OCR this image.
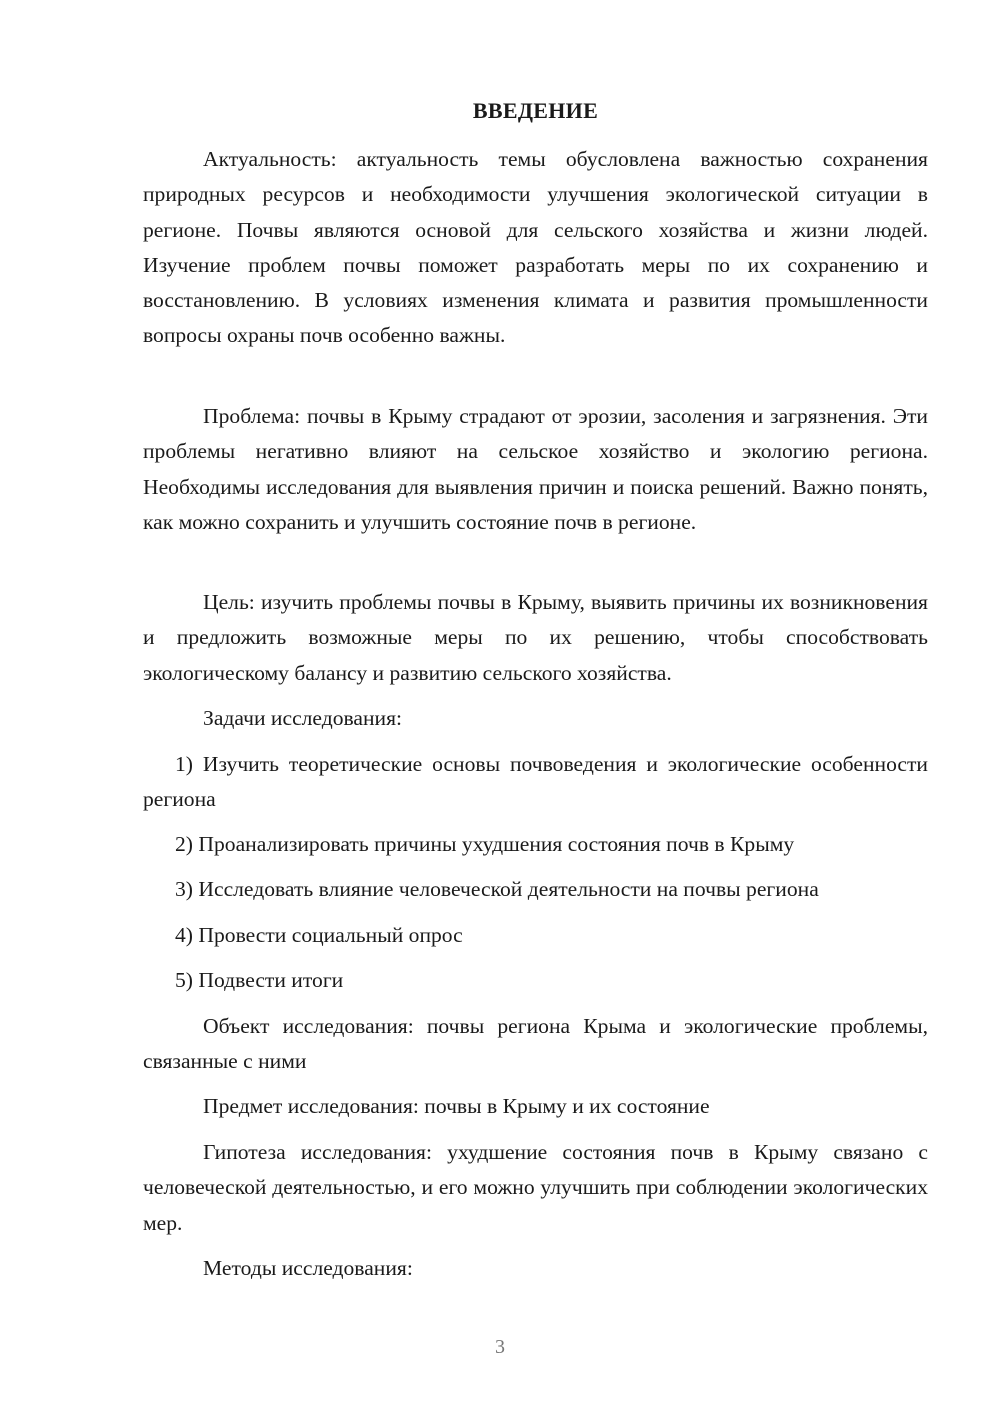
ВВЕДЕНИЕ

Актуальность: актуальность темы обусловлена важностью сохранения природных ресурсов и необходимости улучшения экологической ситуации в регионе. Почвы являются основой для сельского хозяйства и жизни людей. Изучение проблем почвы поможет разработать меры по их сохранению и восстановлению. В условиях изменения климата и развития промышленности вопросы охраны почв особенно важны.

Проблема: почвы в Крыму страдают от эрозии, засоления и загрязнения. Эти проблемы негативно влияют на сельское хозяйство и экологию региона. Необходимы исследования для выявления причин и поиска решений. Важно понять, как можно сохранить и улучшить состояние почв в регионе.

Цель: изучить проблемы почвы в Крыму, выявить причины их возникновения и предложить возможные меры по их решению, чтобы способствовать экологическому балансу и развитию сельского хозяйства.

Задачи исследования:

1) Изучить теоретические основы почвоведения и экологические особенности региона

2) Проанализировать причины ухудшения состояния почв в Крыму

3) Исследовать влияние человеческой деятельности на почвы региона

4) Провести социальный опрос

5) Подвести итоги

Объект исследования: почвы региона Крыма и экологические проблемы, связанные с ними

Предмет исследования: почвы в Крыму и их состояние

Гипотеза исследования: ухудшение состояния почв в Крыму связано с человеческой деятельностью, и его можно улучшить при соблюдении экологических мер.

Методы исследования:

3
